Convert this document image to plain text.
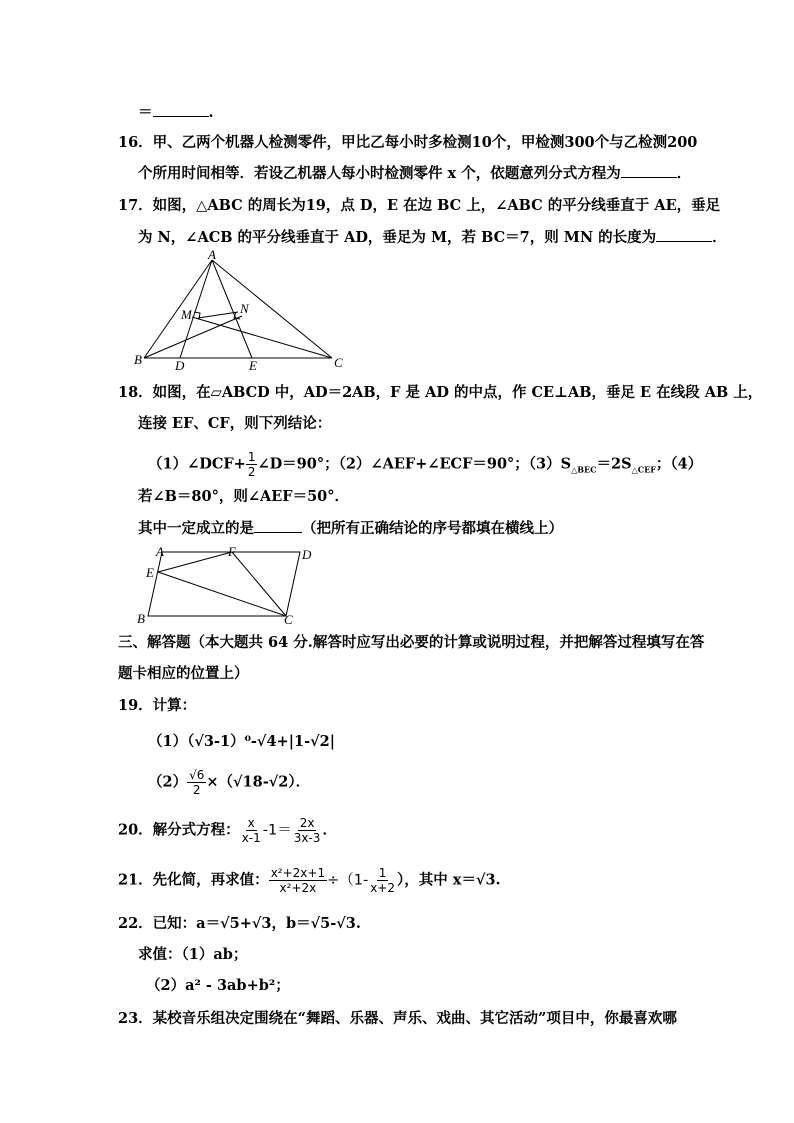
＝	.
16．甲、乙两个机器人检测零件，甲比乙每小时多检测10个，甲检测300个与乙检测200
个所用时间相等．若设乙机器人每小时检测零件 x 个，依题意列分式方程为	．
17．如图，△ABC 的周长为19，点 D，E 在边 BC 上，∠ABC 的平分线垂直于 AE，垂足
为 N，∠ACB 的平分线垂直于 AD，垂足为 M，若 BC＝7，则 MN 的长度为	．
A
B	C
D	E
M	N
18．如图，在▱ABCD 中，AD＝2AB，F 是 AD 的中点，作 CE⊥AB，垂足 E 在线段 AB 上，
连接 EF、CF，则下列结论：
（1）∠DCF+ $\frac{1}{2}$ ∠D＝90°；（2）∠AEF+∠ECF＝90°；$(3)S_{\triangle BEC}=2S_{\triangle CEF}$；（4）
若∠B＝80°，则∠AEF＝50°．
其中一定成立的是	（把所有正确结论的序号都填在横线上）
A	F	D
E
B	C
三、解答题（本大题共 64 分.解答时应写出必要的计算或说明过程，并把解答过程填写在答
题卡相应的位置上）
19．计算：
（1）（√3-1）⁰-√4+|1-√2|
$(2) \frac{√6}{2} \times(√18-√2)$．
20．解分式方程： $\frac{x}{x-1} -1= \frac{2x}{3x-3}$ ．
21．先化简，再求值： $\frac{\text{x²+2x+1}}{\text{x²+2x}} \div(1- \frac{1}{x+2}$ ），其中 x＝√3.
22．已知：a＝√5+√3，b＝√5-√3.
求值：（1）ab；
（2）a² - 3ab+b²；
23．某校音乐组决定围绕在“舞蹈、乐器、声乐、戏曲、其它活动”项目中，你最喜欢哪
